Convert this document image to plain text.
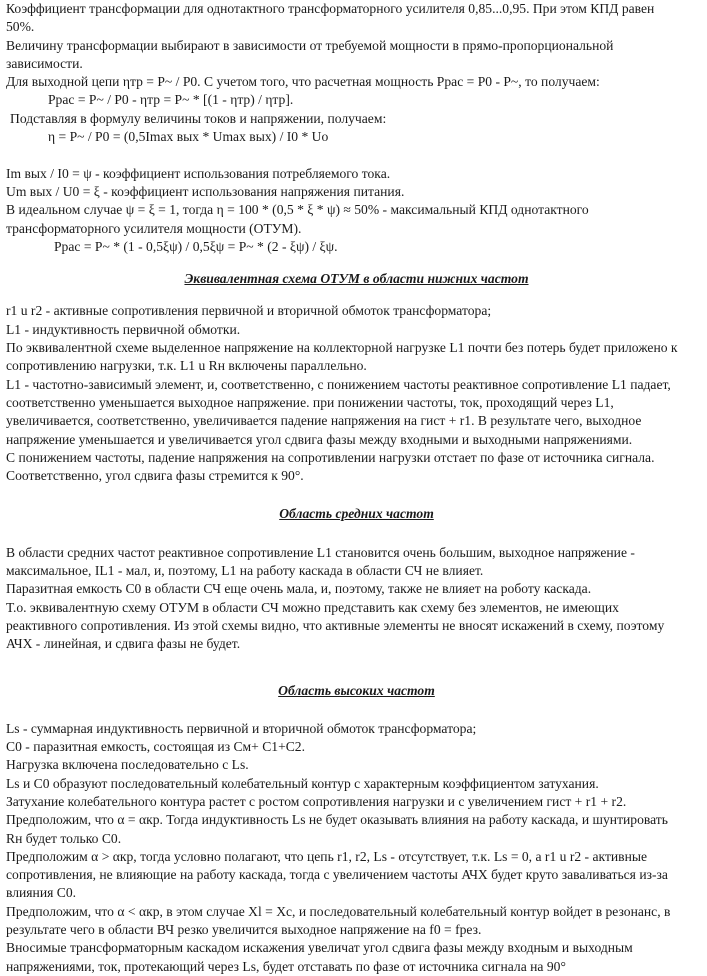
Коэффициент трансформации для однотактного трансформаторного усилителя 0,85...0,95. При этом КПД равен
50%.
Величину трансформации выбирают в зависимости от требуемой мощности в прямо-пропорциональной
зависимости.
Для выходной цепи ηтр = P~ / P0. С учетом того, что расчетная мощность Ppac = P0 - P~, то получаем:
Ppac = P~ / P0 - ηтр = P~ * [(1 - ηтр) / ηтр].
Подставляя в формулу величины токов и напряжении, получаем:
η = P~ / P0 = (0,5Imax вых * Umax вых) / I0 * Uo
Im вых / I0 = ψ - коэффициент использования потребляемого тока.
Um вых / U0 = ξ - коэффициент использования напряжения питания.
В идеальном случае ψ = ξ = 1, тогда η = 100 * (0,5 * ξ * ψ) ≈ 50% - максимальный КПД однотактного
трансформаторного усилителя мощности (ОТУМ).
Ppac = P~ * (1 - 0,5ξψ) / 0,5ξψ = P~ * (2 - ξψ) / ξψ.
Эквивалентная схема ОТУМ в области нижних частот
r1 u r2 - активные сопротивления первичной и вторичной обмоток трансформатора;
L1 - индуктивность первичной обмотки.
По эквивалентной схеме выделенное напряжение на коллекторной нагрузке L1 почти без потерь будет приложено к
сопротивлению нагрузки, т.к. L1 u Rн включены параллельно.
L1 - частотно-зависимый элемент, и, соответственно, с понижением частоты реактивное сопротивление L1 падает,
соответственно уменьшается выходное напряжение. при понижении частоты, ток, проходящий через L1,
увеличивается, соответственно, увеличивается падение напряжения на гист + r1. В результате чего, выходное
напряжение уменьшается и увеличивается угол сдвига фазы между входными и выходными напряжениями.
С понижением частоты, падение напряжения на сопротивлении нагрузки отстает по фазе от источника сигнала.
Соответственно, угол сдвига фазы стремится к 90°.
Область средних частот
В области средних частот реактивное сопротивление L1 становится очень большим, выходное напряжение -
максимальное, IL1 - мал, и, поэтому, L1 на работу каскада в области СЧ не влияет.
Паразитная емкость C0 в области СЧ еще очень мала, и, поэтому, также не влияет на роботу каскада.
Т.о. эквивалентную схему ОТУМ в области СЧ можно представить как схему без элементов, не имеющих
реактивного сопротивления. Из этой схемы видно, что активные элементы не вносят искажений в схему, поэтому
АЧХ - линейная, и сдвига фазы не будет.
Область высоких частот
Ls - суммарная индуктивность первичной и вторичной обмоток трансформатора;
C0 - паразитная емкость, состоящая из Cм+ C1+C2.
Нагрузка включена последовательно с Ls.
Ls и C0 образуют последовательный колебательный контур с характерным коэффициентом затухания.
Затухание колебательного контура растет с ростом сопротивления нагрузки и с увеличением гист + r1 + r2.
Предположим, что α = αкр. Тогда индуктивность Ls не будет оказывать влияния на работу каскада, и шунтировать
Rн будет только C0.
Предположим α > αкр, тогда условно полагают, что цепь r1, r2, Ls - отсутствует, т.к. Ls = 0, а r1 u r2 - активные
сопротивления, не влияющие на работу каскада, тогда с увеличением частоты АЧХ будет круто заваливаться из-за
влияния C0.
Предположим, что α < αкр, в этом случае Xl = Xc, и последовательный колебательный контур войдет в резонанс, в
результате чего в области ВЧ резко увеличится выходное напряжение на f0 = fрез.
Вносимые трансформаторным каскадом искажения увеличат угол сдвига фазы между входным и выходным
напряжениями, ток, протекающий через Ls, будет отставать по фазе от источника сигнала на 90°
